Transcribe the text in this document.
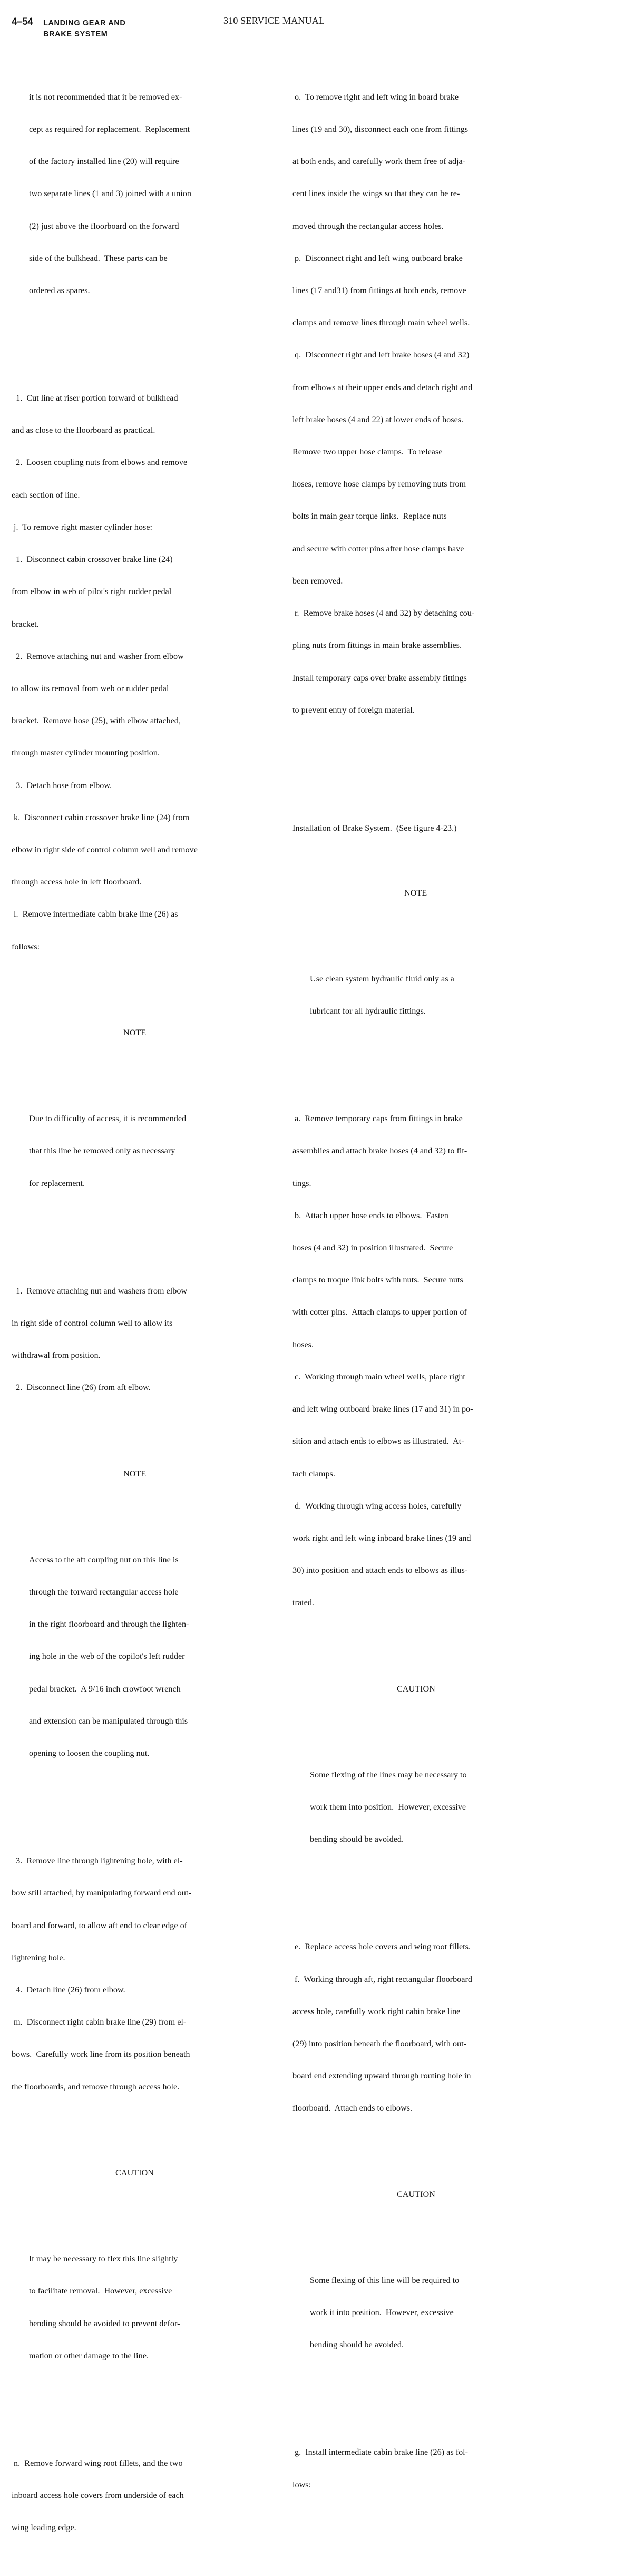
4–54 LANDING GEAR AND
BRAKE SYSTEM
310 SERVICE MANUAL

it is not recommended that it be removed ex-

cept as required for replacement.  Replacement

of the factory installed line (20) will require

two separate lines (1 and 3) joined with a union

(2) just above the floorboard on the forward

side of the bulkhead.  These parts can be

ordered as spares.

1.  Cut line at riser portion forward of bulkhead

and as close to the floorboard as practical.

2.  Loosen coupling nuts from elbows and remove

each section of line.

j.  To remove right master cylinder hose:

1.  Disconnect cabin crossover brake line (24)

from elbow in web of pilot's right rudder pedal

bracket.

2.  Remove attaching nut and washer from elbow

to allow its removal from web or rudder pedal

bracket.  Remove hose (25), with elbow attached,

through master cylinder mounting position.

3.  Detach hose from elbow.

k.  Disconnect cabin crossover brake line (24) from

elbow in right side of control column well and remove

through access hole in left floorboard.

l.  Remove intermediate cabin brake line (26) as

follows:

NOTE

Due to difficulty of access, it is recommended

that this line be removed only as necessary

for replacement.

1.  Remove attaching nut and washers from elbow

in right side of control column well to allow its

withdrawal from position.

2.  Disconnect line (26) from aft elbow.

NOTE

Access to the aft coupling nut on this line is

through the forward rectangular access hole

in the right floorboard and through the lighten-

ing hole in the web of the copilot's left rudder

pedal bracket.  A 9/16 inch crowfoot wrench

and extension can be manipulated through this

opening to loosen the coupling nut.

3.  Remove line through lightening hole, with el-

bow still attached, by manipulating forward end out-

board and forward, to allow aft end to clear edge of

lightening hole.

4.  Detach line (26) from elbow.

m.  Disconnect right cabin brake line (29) from el-

bows.  Carefully work line from its position beneath

the floorboards, and remove through access hole.

CAUTION

It may be necessary to flex this line slightly

to facilitate removal.  However, excessive

bending should be avoided to prevent defor-

mation or other damage to the line.

n.  Remove forward wing root fillets, and the two

inboard access hole covers from underside of each

wing leading edge.

o.  To remove right and left wing in board brake

lines (19 and 30), disconnect each one from fittings

at both ends, and carefully work them free of adja-

cent lines inside the wings so that they can be re-

moved through the rectangular access holes.

p.  Disconnect right and left wing outboard brake

lines (17 and31) from fittings at both ends, remove

clamps and remove lines through main wheel wells.

q.  Disconnect right and left brake hoses (4 and 32)

from elbows at their upper ends and detach right and

left brake hoses (4 and 22) at lower ends of hoses.

Remove two upper hose clamps.  To release

hoses, remove hose clamps by removing nuts from

bolts in main gear torque links.  Replace nuts

and secure with cotter pins after hose clamps have

been removed.

r.  Remove brake hoses (4 and 32) by detaching cou-

pling nuts from fittings in main brake assemblies.

Install temporary caps over brake assembly fittings

to prevent entry of foreign material.

Installation of Brake System.  (See figure 4-23.)

NOTE

Use clean system hydraulic fluid only as a

lubricant for all hydraulic fittings.

a.  Remove temporary caps from fittings in brake

assemblies and attach brake hoses (4 and 32) to fit-

tings.

b.  Attach upper hose ends to elbows.  Fasten

hoses (4 and 32) in position illustrated.  Secure

clamps to troque link bolts with nuts.  Secure nuts

with cotter pins.  Attach clamps to upper portion of

hoses.

c.  Working through main wheel wells, place right

and left wing outboard brake lines (17 and 31) in po-

sition and attach ends to elbows as illustrated.  At-

tach clamps.

d.  Working through wing access holes, carefully

work right and left wing inboard brake lines (19 and

30) into position and attach ends to elbows as illus-

trated.

CAUTION

Some flexing of the lines may be necessary to

work them into position.  However, excessive

bending should be avoided.

e.  Replace access hole covers and wing root fillets.

f.  Working through aft, right rectangular floorboard

access hole, carefully work right cabin brake line

(29) into position beneath the floorboard, with out-

board end extending upward through routing hole in

floorboard.  Attach ends to elbows.

CAUTION

Some flexing of this line will be required to

work it into position.  However, excessive

bending should be avoided.

g.  Install intermediate cabin brake line (26) as fol-

lows:
